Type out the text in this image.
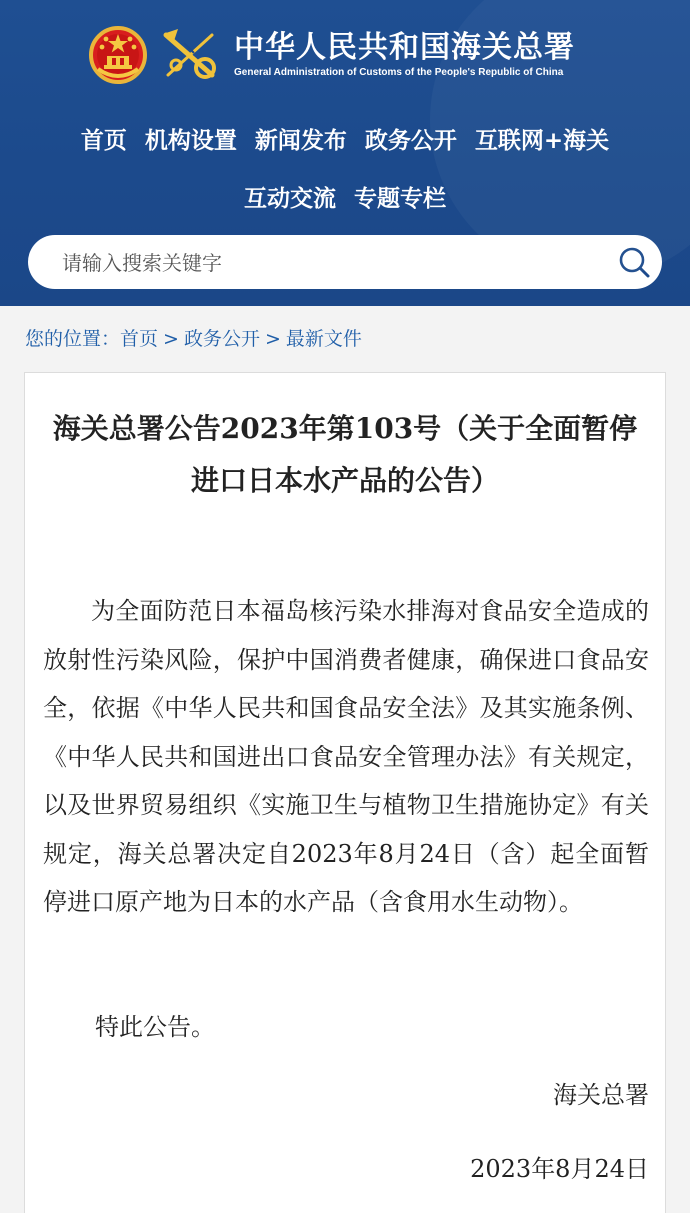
中华人民共和国海关总署
General Administration of Customs of the People's Republic of China
首页 机构设置 新闻发布 政务公开 互联网+海关
互动交流 专题专栏
请输入搜索关键字
您的位置：首页 > 政务公开 > 最新文件
海关总署公告2023年第103号（关于全面暂停进口日本水产品的公告）
为全面防范日本福岛核污染水排海对食品安全造成的放射性污染风险，保护中国消费者健康，确保进口食品安全，依据《中华人民共和国食品安全法》及其实施条例、《中华人民共和国进出口食品安全管理办法》有关规定，以及世界贸易组织《实施卫生与植物卫生措施协定》有关规定，海关总署决定自2023年8月24日（含）起全面暂停进口原产地为日本的水产品（含食用水生动物）。
特此公告。
海关总署
2023年8月24日
